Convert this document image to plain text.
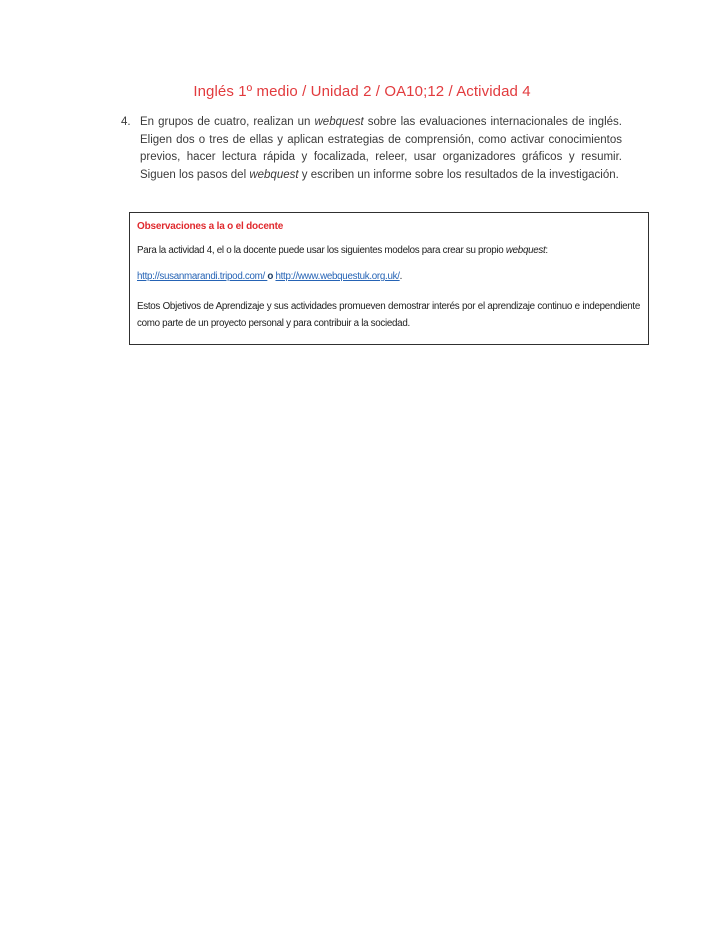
Inglés 1º medio / Unidad 2 / OA10;12 / Actividad 4
4. En grupos de cuatro, realizan un webquest sobre las evaluaciones internacionales de inglés. Eligen dos o tres de ellas y aplican estrategias de comprensión, como activar conocimientos previos, hacer lectura rápida y focalizada, releer, usar organizadores gráficos y resumir. Siguen los pasos del webquest y escriben un informe sobre los resultados de la investigación.

Observaciones a la o el docente

Para la actividad 4, el o la docente puede usar los siguientes modelos para crear su propio webquest:

http://susanmarandi.tripod.com/ o http://www.webquestuk.org.uk/.

Estos Objetivos de Aprendizaje y sus actividades promueven demostrar interés por el aprendizaje continuo e independiente como parte de un proyecto personal y para contribuir a la sociedad.
